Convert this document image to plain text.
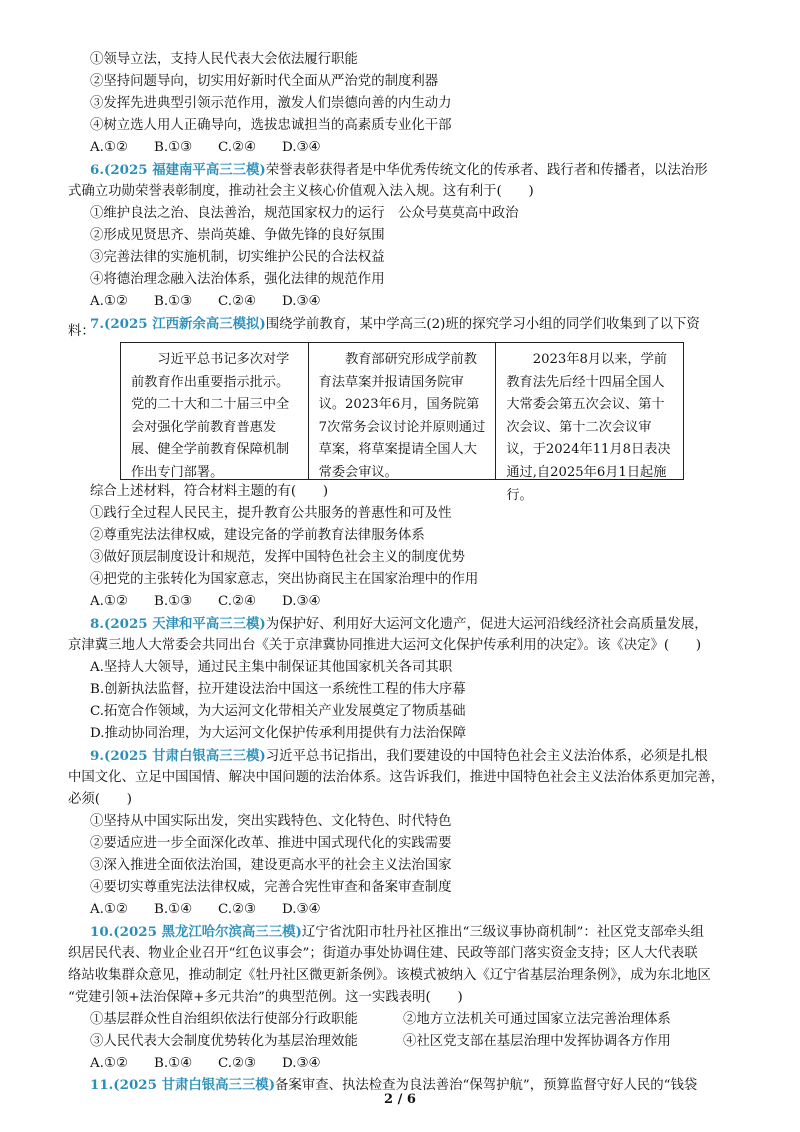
①领导立法，支持人民代表大会依法履行职能
②坚持问题导向，切实用好新时代全面从严治党的制度利器
③发挥先进典型引领示范作用，激发人们崇德向善的内生动力
④树立选人用人正确导向，选拔忠诚担当的高素质专业化干部
A.①② B.①③ C.②④ D.③④
6.(2025 福建南平高三三模)荣誉表彰获得者是中华优秀传统文化的传承者、践行者和传播者，以法治形
式确立功勋荣誉表彰制度，推动社会主义核心价值观入法入规。这有利于(　　)
①维护良法之治、良法善治，规范国家权力的运行　公众号莫莫高中政治
②形成见贤思齐、崇尚英雄、争做先锋的良好氛围
③完善法律的实施机制，切实维护公民的合法权益
④将德治理念融入法治体系，强化法律的规范作用
A.①② B.①③ C.②④ D.③④
7.(2025 江西新余高三模拟)围绕学前教育，某中学高三(2)班的探究学习小组的同学们收集到了以下资
料：
习近平总书记多次对学前教育作出重要指示批示。党的二十大和二十届三中全会对强化学前教育普惠发展、健全学前教育保障机制作出专门部署。
教育部研究形成学前教育法草案并报请国务院审议。2023年6月，国务院第7次常务会议讨论并原则通过草案，将草案提请全国人大常委会审议。
2023年8月以来，学前教育法先后经十四届全国人大常委会第五次会议、第十次会议、第十二次会议审议，于2024年11月8日表决通过,自2025年6月1日起施行。
综合上述材料，符合材料主题的有(　　)
①践行全过程人民民主，提升教育公共服务的普惠性和可及性
②尊重宪法法律权威，建设完备的学前教育法律服务体系
③做好顶层制度设计和规范，发挥中国特色社会主义的制度优势
④把党的主张转化为国家意志，突出协商民主在国家治理中的作用
A.①② B.①③ C.②④ D.③④
8.(2025 天津和平高三三模)为保护好、利用好大运河文化遗产，促进大运河沿线经济社会高质量发展，
京津冀三地人大常委会共同出台《关于京津冀协同推进大运河文化保护传承利用的决定》。该《决定》(　　)
A.坚持人大领导，通过民主集中制保证其他国家机关各司其职
B.创新执法监督，拉开建设法治中国这一系统性工程的伟大序幕
C.拓宽合作领域，为大运河文化带相关产业发展奠定了物质基础
D.推动协同治理，为大运河文化保护传承利用提供有力法治保障
9.(2025 甘肃白银高三三模)习近平总书记指出，我们要建设的中国特色社会主义法治体系，必须是扎根
中国文化、立足中国国情、解决中国问题的法治体系。这告诉我们，推进中国特色社会主义法治体系更加完善，
必须(　　)
①坚持从中国实际出发，突出实践特色、文化特色、时代特色
②要适应进一步全面深化改革、推进中国式现代化的实践需要
③深入推进全面依法治国，建设更高水平的社会主义法治国家
④要切实尊重宪法法律权威，完善合宪性审查和备案审查制度
A.①② B.①④ C.②③ D.③④
10.(2025 黑龙江哈尔滨高三三模)辽宁省沈阳市牡丹社区推出“三级议事协商机制”：社区党支部牵头组
织居民代表、物业企业召开“红色议事会”；街道办事处协调住建、民政等部门落实资金支持；区人大代表联
络站收集群众意见，推动制定《牡丹社区微更新条例》。该模式被纳入《辽宁省基层治理条例》，成为东北地区
“党建引领+法治保障+多元共治”的典型范例。这一实践表明(　　)
①基层群众性自治组织依法行使部分行政职能	②地方立法机关可通过国家立法完善治理体系
③人民代表大会制度优势转化为基层治理效能	④社区党支部在基层治理中发挥协调各方作用
A.①② B.①④ C.②③ D.③④
11.(2025 甘肃白银高三三模)备案审查、执法检查为良法善治“保驾护航”，预算监督守好人民的“钱袋
2 / 6
